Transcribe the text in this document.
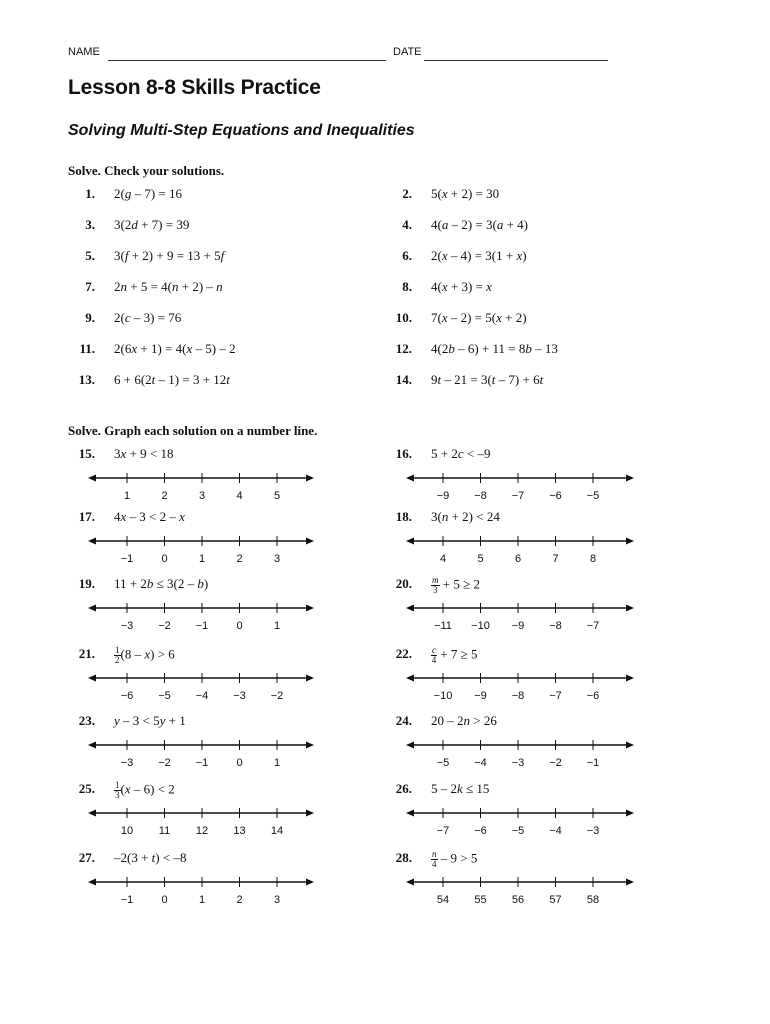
NAME	DATE
Lesson 8-8 Skills Practice
Solving Multi-Step Equations and Inequalities
Solve. Check your solutions.
1. 2(g – 7) = 16	2. 5(x + 2) = 30
3. 3(2d + 7) = 39	4. 4(a – 2) = 3(a + 4)
5. 3(f + 2) + 9 = 13 + 5f	6. 2(x – 4) = 3(1 + x)
7. 2n + 5 = 4(n + 2) – n	8. 4(x + 3) = x
9. 2(c – 3) = 76	10. 7(x – 2) = 5(x + 2)
11. 2(6x + 1) = 4(x – 5) – 2	12. 4(2b – 6) + 11 = 8b – 13
13. 6 + 6(2t – 1) = 3 + 12t	14. 9t – 21 = 3(t – 7) + 6t
Solve. Graph each solution on a number line.
15. 3x + 9 < 18
1	2	3	4	5
16. 5 + 2c < –9
−9 −8 −7 −6 −5
17. 4x – 3 < 2 – x
−1	0	1	2	3
18. 3(n + 2) < 24
4	5	6	7	8
19. 11 + 2b ≤ 3(2 – b)
−3 −2 −1	0	1
20. $\frac{m}{3} + 5 \ge 2$
−11 −10 −9 −8 −7
21. $\frac{1}{2} (8 - x) > 6$
−6 −5 −4 −3 −2
22. $\frac{c}{4} + 7 \ge 5$
−10 −9 −8 −7 −6
23. y – 3 < 5y + 1
−3 −2 −1	0	1
24. 20 – 2n > 26
−5 −4 −3 −2 −1
25. $\frac{1}{3} (x - 6) < 2$
10 11 12 13 14
26. 5 – 2k ≤ 15
−7 −6 −5 −4 −3
27. –2(3 + t) < –8
−1	0	1	2	3
28. $\frac{n}{4} - 9 > 5$
54 55 56 57 58
